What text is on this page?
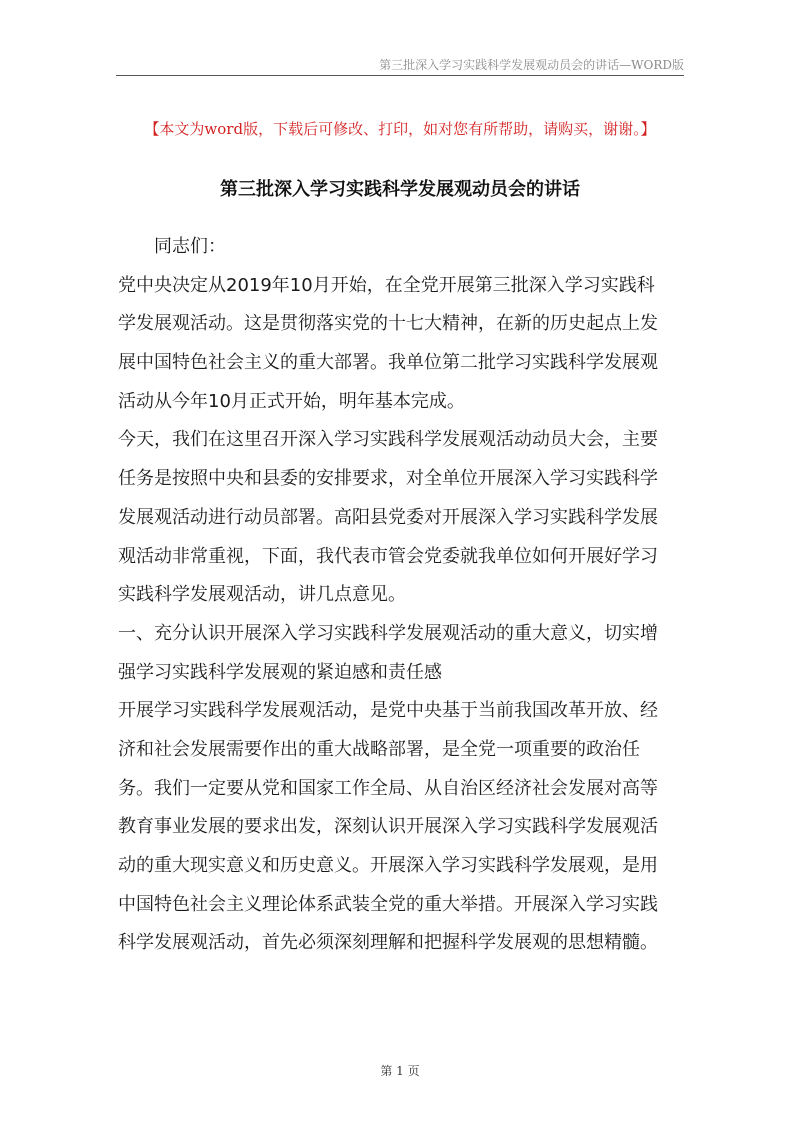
第三批深入学习实践科学发展观动员会的讲话—WORD版
【本文为word版，下载后可修改、打印，如对您有所帮助，请购买，谢谢。】
第三批深入学习实践科学发展观动员会的讲话
同志们：
党中央决定从2019年10月开始，在全党开展第三批深入学习实践科
学发展观活动。这是贯彻落实党的十七大精神，在新的历史起点上发
展中国特色社会主义的重大部署。我单位第二批学习实践科学发展观
活动从今年10月正式开始，明年基本完成。
今天，我们在这里召开深入学习实践科学发展观活动动员大会，主要
任务是按照中央和县委的安排要求，对全单位开展深入学习实践科学
发展观活动进行动员部署。高阳县党委对开展深入学习实践科学发展
观活动非常重视，下面，我代表市管会党委就我单位如何开展好学习
实践科学发展观活动，讲几点意见。
一、充分认识开展深入学习实践科学发展观活动的重大意义，切实增
强学习实践科学发展观的紧迫感和责任感
开展学习实践科学发展观活动，是党中央基于当前我国改革开放、经
济和社会发展需要作出的重大战略部署，是全党一项重要的政治任
务。我们一定要从党和国家工作全局、从自治区经济社会发展对高等
教育事业发展的要求出发，深刻认识开展深入学习实践科学发展观活
动的重大现实意义和历史意义。开展深入学习实践科学发展观，是用
中国特色社会主义理论体系武装全党的重大举措。开展深入学习实践
科学发展观活动，首先必须深刻理解和把握科学发展观的思想精髓。
第 1 页
